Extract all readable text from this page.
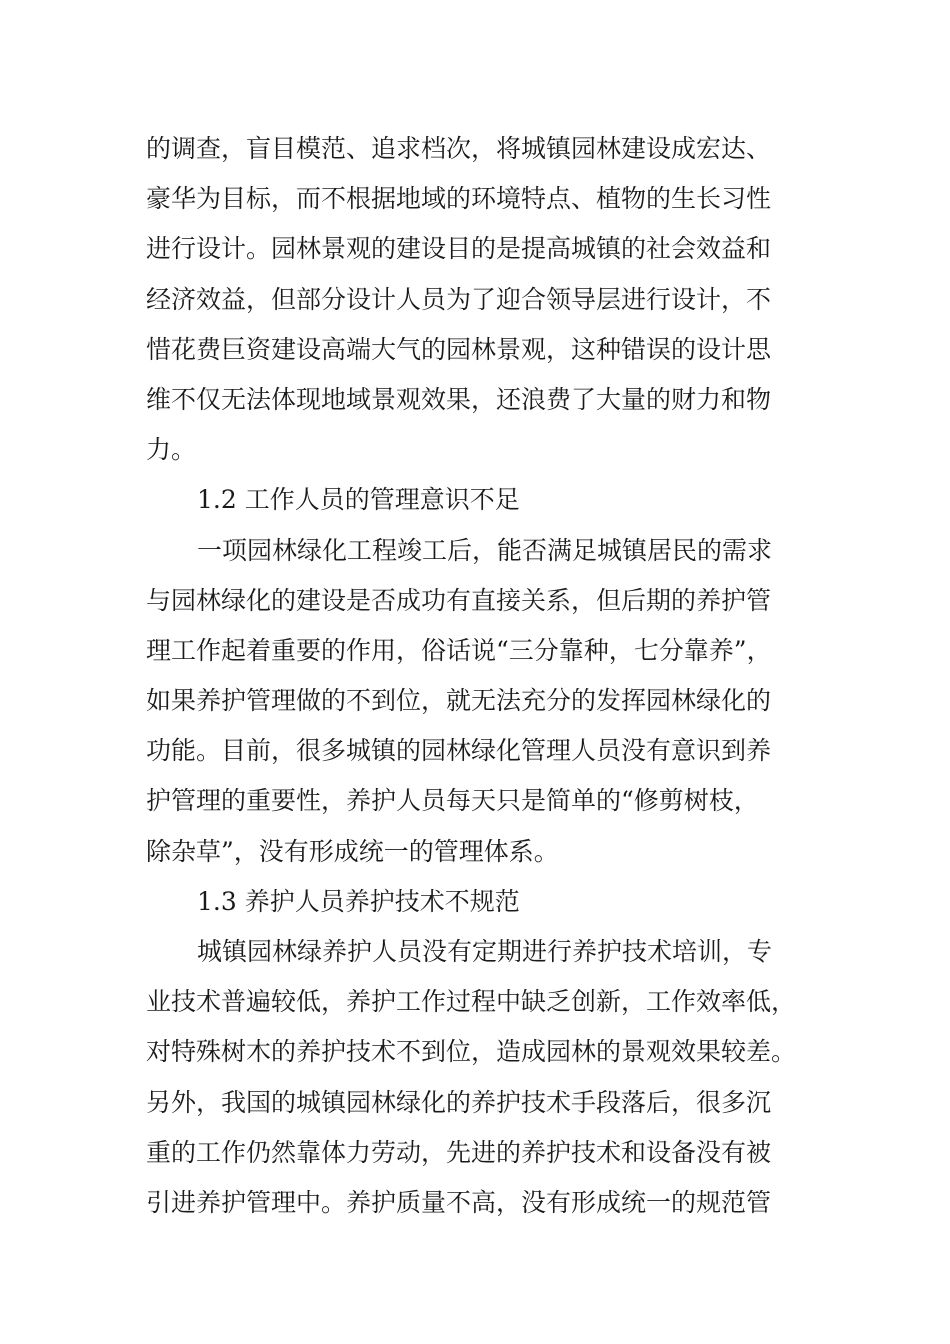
的调查，盲目模范、追求档次，将城镇园林建设成宏达、
豪华为目标，而不根据地域的环境特点、植物的生长习性
进行设计。园林景观的建设目的是提高城镇的社会效益和
经济效益，但部分设计人员为了迎合领导层进行设计，不
惜花费巨资建设高端大气的园林景观，这种错误的设计思
维不仅无法体现地域景观效果，还浪费了大量的财力和物
力。
1.2 工作人员的管理意识不足
一项园林绿化工程竣工后，能否满足城镇居民的需求
与园林绿化的建设是否成功有直接关系，但后期的养护管
理工作起着重要的作用，俗话说“三分靠种，七分靠养”，
如果养护管理做的不到位，就无法充分的发挥园林绿化的
功能。目前，很多城镇的园林绿化管理人员没有意识到养
护管理的重要性，养护人员每天只是简单的“修剪树枝，
除杂草”，没有形成统一的管理体系。
1.3 养护人员养护技术不规范
城镇园林绿养护人员没有定期进行养护技术培训，专
业技术普遍较低，养护工作过程中缺乏创新，工作效率低，
对特殊树木的养护技术不到位，造成园林的景观效果较差。
另外，我国的城镇园林绿化的养护技术手段落后，很多沉
重的工作仍然靠体力劳动，先进的养护技术和设备没有被
引进养护管理中。养护质量不高，没有形成统一的规范管
